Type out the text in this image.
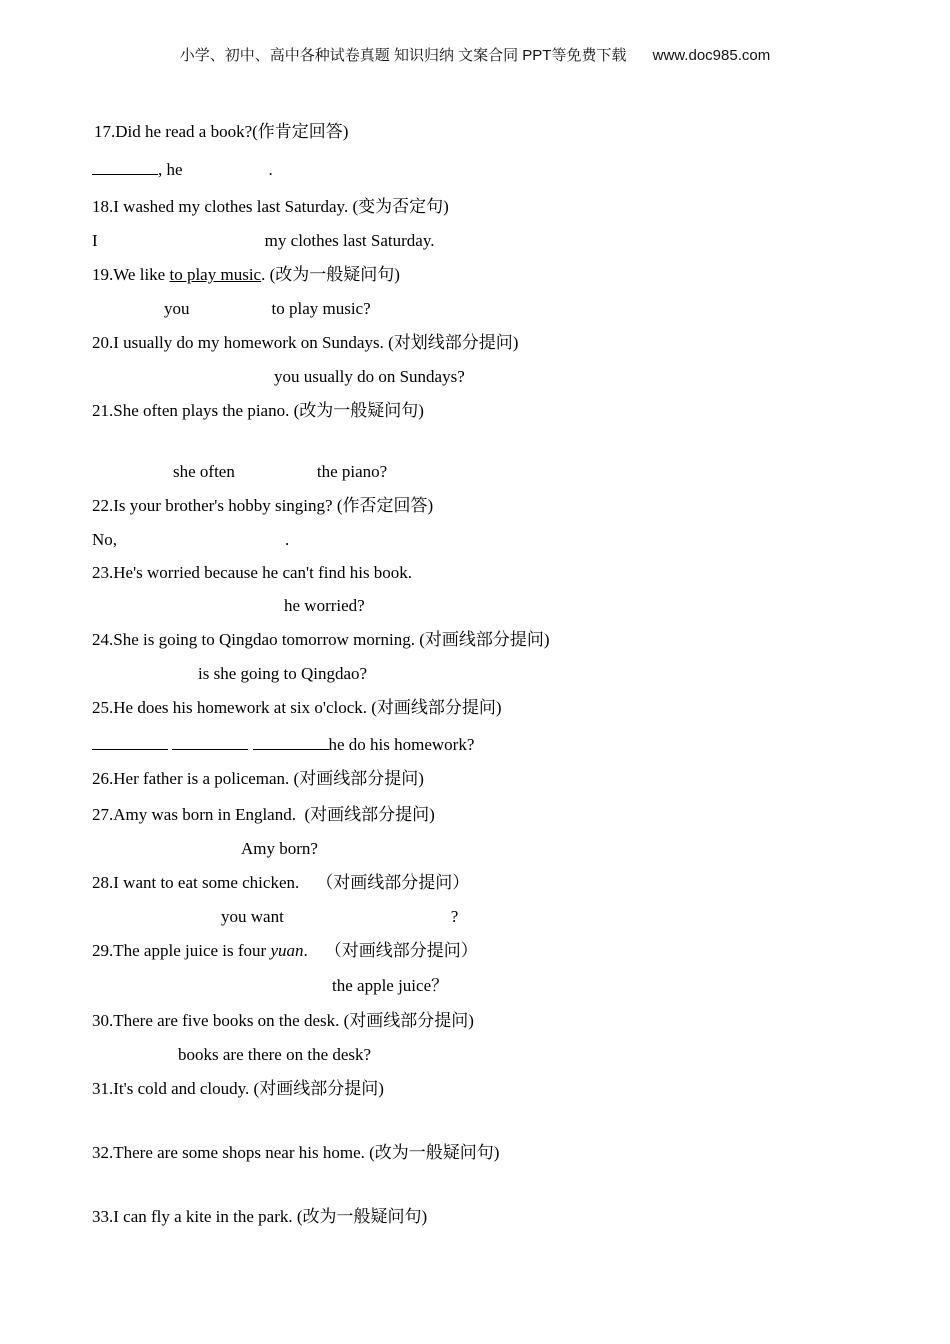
小学、初中、高中各种试卷真题 知识归纳 文案合同 PPT等免费下载 www.doc985.com
17.Did he read a book?(作肯定回答)
, he	.
18.I washed my clothes last Saturday. (变为否定句)
I	my clothes last Saturday.
19.We like to play music. (改为一般疑问句)
you	to play music?
20.I usually do my homework on Sundays. (对划线部分提问)
you usually do on Sundays?
21.She often plays the piano. (改为一般疑问句)
she often	the piano?
22.Is your brother's hobby singing? (作否定回答)
No,	.
23.He's worried because he can't find his book.
he worried?
24.She is going to Qingdao tomorrow morning. (对画线部分提问)
is she going to Qingdao?
25.He does his homework at six o'clock. (对画线部分提问)
he do his homework?
26.Her father is a policeman. (对画线部分提问)
27.Amy was born in England.  (对画线部分提问)
Amy born?
28.I want to eat some chicken.    （对画线部分提问）
you want	?
29.The apple juice is four yuan.    （对画线部分提问）
the apple juice？
30.There are five books on the desk. (对画线部分提问)
books are there on the desk?
31.It's cold and cloudy. (对画线部分提问)
32.There are some shops near his home. (改为一般疑问句)
33.I can fly a kite in the park. (改为一般疑问句)
